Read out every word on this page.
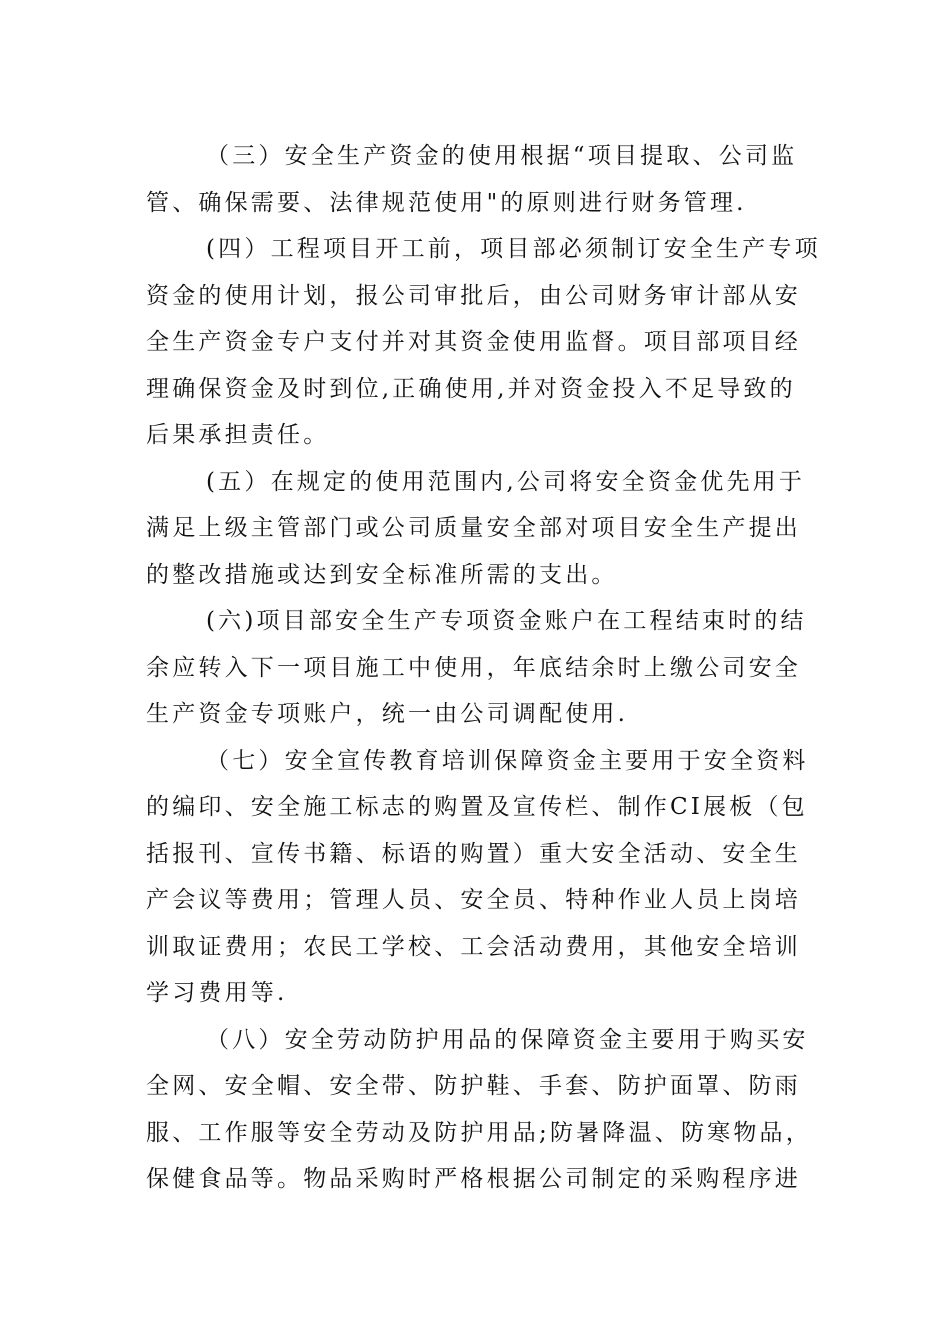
（三）安全生产资金的使用根据“项目提取、公司监
管、确保需要、法律规范使用"的原则进行财务管理.

(四）工程项目开工前，项目部必须制订安全生产专项
资金的使用计划，报公司审批后，由公司财务审计部从安
全生产资金专户支付并对其资金使用监督。项目部项目经
理确保资金及时到位,正确使用,并对资金投入不足导致的
后果承担责任。

(五）在规定的使用范围内,公司将安全资金优先用于
满足上级主管部门或公司质量安全部对项目安全生产提出
的整改措施或达到安全标准所需的支出。

(六)项目部安全生产专项资金账户在工程结束时的结
余应转入下一项目施工中使用，年底结余时上缴公司安全
生产资金专项账户，统一由公司调配使用.

（七）安全宣传教育培训保障资金主要用于安全资料
的编印、安全施工标志的购置及宣传栏、制作CI展板（包
括报刊、宣传书籍、标语的购置）重大安全活动、安全生
产会议等费用；管理人员、安全员、特种作业人员上岗培
训取证费用；农民工学校、工会活动费用，其他安全培训
学习费用等.

（八）安全劳动防护用品的保障资金主要用于购买安
全网、安全帽、安全带、防护鞋、手套、防护面罩、防雨
服、工作服等安全劳动及防护用品;防暑降温、防寒物品，
保健食品等。物品采购时严格根据公司制定的采购程序进
